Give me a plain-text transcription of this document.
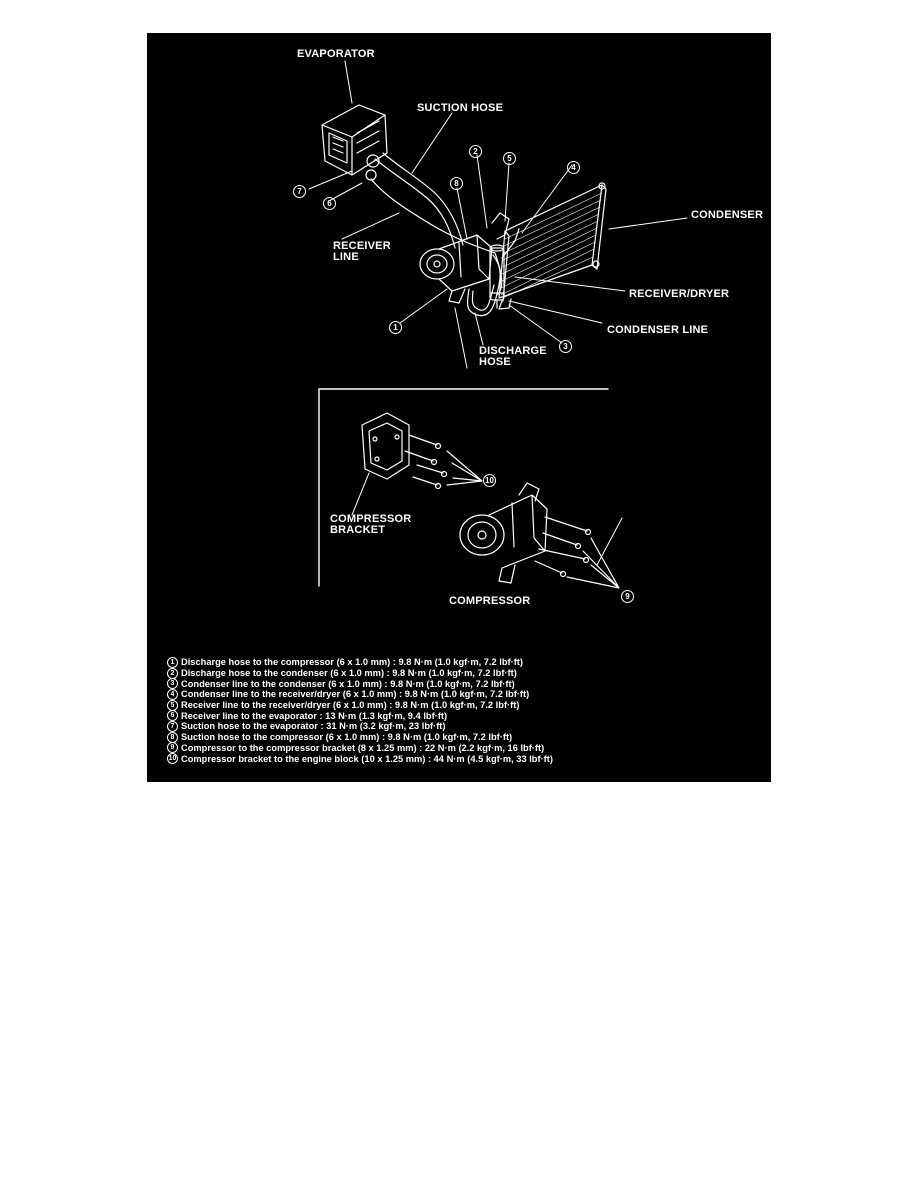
EVAPORATOR
SUCTION HOSE
RECEIVER
LINE
CONDENSER
RECEIVER/DRYER
CONDENSER LINE
DISCHARGE
HOSE
COMPRESSOR
BRACKET
COMPRESSOR
7
6
2
5
4
8
1
3
10
9
1 Discharge hose to the compressor (6 x 1.0 mm) : 9.8 N·m (1.0 kgf·m, 7.2 lbf·ft)
2 Discharge hose to the condenser (6 x 1.0 mm) : 9.8 N·m (1.0 kgf·m, 7.2 lbf·ft)
3 Condenser line to the condenser (6 x 1.0 mm) : 9.8 N·m (1.0 kgf·m, 7.2 lbf·ft)
4 Condenser line to the receiver/dryer (6 x 1.0 mm) : 9.8 N·m (1.0 kgf·m, 7.2 lbf·ft)
5 Receiver line to the receiver/dryer (6 x 1.0 mm) : 9.8 N·m (1.0 kgf·m, 7.2 lbf·ft)
6 Receiver line to the evaporator : 13 N·m (1.3 kgf·m, 9.4 lbf·ft)
7 Suction hose to the evaporator : 31 N·m (3.2 kgf·m, 23 lbf·ft)
8 Suction hose to the compressor (6 x 1.0 mm) : 9.8 N·m (1.0 kgf·m, 7.2 lbf·ft)
9 Compressor to the compressor bracket (8 x 1.25 mm) : 22 N·m (2.2 kgf·m, 16 lbf·ft)
10 Compressor bracket to the engine block (10 x 1.25 mm) : 44 N·m (4.5 kgf·m, 33 lbf·ft)
